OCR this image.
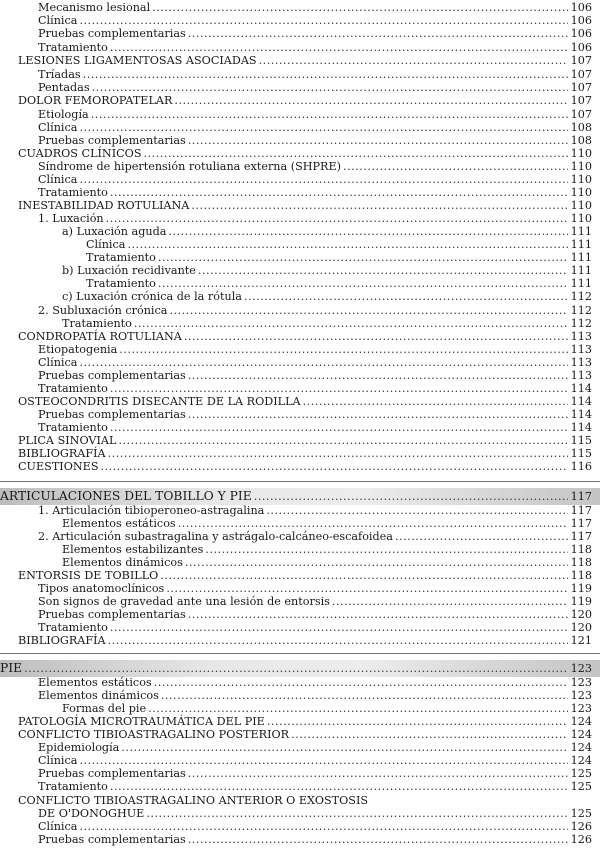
Mecanismo lesional .....	106
Clínica .....	106
Pruebas complementarias .....	106
Tratamiento .....	106
LESIONES LIGAMENTOSAS ASOCIADAS .....	107
Tríadas .....	107
Pentadas .....	107
DOLOR FEMOROPATELAR .....	107
Etiología .....	107
Clínica .....	108
Pruebas complementarias .....	108
CUADROS CLÍNICOS .....	110
Síndrome de hipertensión rotuliana externa (SHPRE) .....	110
Clínica .....	110
Tratamiento .....	110
INESTABILIDAD ROTULIANA .....	110
1. Luxación .....	110
a) Luxación aguda .....	111
Clínica .....	111
Tratamiento .....	111
b) Luxación recidivante .....	111
Tratamiento .....	111
c) Luxación crónica de la rótula .....	112
2. Subluxación crónica .....	112
Tratamiento .....	112
CONDROPATÍA ROTULIANA .....	113
Etiopatogenia .....	113
Clínica .....	113
Pruebas complementarias .....	113
Tratamiento .....	114
OSTEOCONDRITIS DISECANTE DE LA RODILLA .....	114
Pruebas complementarias .....	114
Tratamiento .....	114
PLICA SINOVIAL .....	115
BIBLIOGRAFÍA .....	115
CUESTIONES .....	116
ARTICULACIONES DEL TOBILLO Y PIE .....	117
1. Articulación tibioperoneo-astragalina .....	117
Elementos estáticos .....	117
2. Articulación subastragalina y astrágalo-calcáneo-escafoidea .....	117
Elementos estabilizantes .....	118
Elementos dinámicos .....	118
ENTORSIS DE TOBILLO .....	118
Tipos anatomoclínicos .....	119
Son signos de gravedad ante una lesión de entorsis .....	119
Pruebas complementarias .....	120
Tratamiento .....	120
BIBLIOGRAFÍA .....	121
PIE .....	123
Elementos estáticos .....	123
Elementos dinámicos .....	123
Formas del pie .....	123
PATOLOGÍA MICROTRAUMÁTICA DEL PIE .....	124
CONFLICTO TIBIOASTRAGALINO POSTERIOR .....	124
Epidemiología .....	124
Clínica .....	124
Pruebas complementarias .....	125
Tratamiento .....	125
CONFLICTO TIBIOASTRAGALINO ANTERIOR O EXOSTOSIS
DE O'DONOGHUE .....	125
Clínica .....	126
Pruebas complementarias .....	126
